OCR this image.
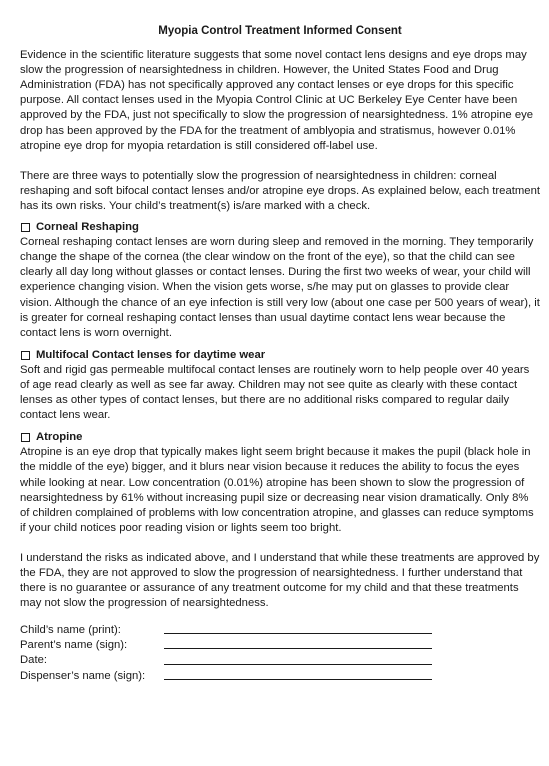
Myopia Control Treatment Informed Consent

Evidence in the scientific literature suggests that some novel contact lens designs and eye drops may slow the progression of nearsightedness in children. However, the United States Food and Drug Administration (FDA) has not specifically approved any contact lenses or eye drops for this specific purpose. All contact lenses used in the Myopia Control Clinic at UC Berkeley Eye Center have been approved by the FDA, just not specifically to slow the progression of nearsightedness. 1% atropine eye drop has been approved by the FDA for the treatment of amblyopia and stratismus, however 0.01% atropine eye drop for myopia retardation is still considered off-label use.

There are three ways to potentially slow the progression of nearsightedness in children: corneal reshaping and soft bifocal contact lenses and/or atropine eye drops. As explained below, each treatment has its own risks. Your child’s treatment(s) is/are marked with a check.

Corneal Reshaping

Corneal reshaping contact lenses are worn during sleep and removed in the morning. They temporarily change the shape of the cornea (the clear window on the front of the eye), so that the child can see clearly all day long without glasses or contact lenses. During the first two weeks of wear, your child will experience changing vision. When the vision gets worse, s/he may put on glasses to provide clear vision. Although the chance of an eye infection is still very low (about one case per 500 years of wear), it is greater for corneal reshaping contact lenses than usual daytime contact lens wear because the contact lens is worn overnight.

Multifocal Contact lenses for daytime wear

Soft and rigid gas permeable multifocal contact lenses are routinely worn to help people over 40 years of age read clearly as well as see far away. Children may not see quite as clearly with these contact lenses as other types of contact lenses, but there are no additional risks compared to regular daily contact lens wear.

Atropine

Atropine is an eye drop that typically makes light seem bright because it makes the pupil (black hole in the middle of the eye) bigger, and it blurs near vision because it reduces the ability to focus the eyes while looking at near. Low concentration (0.01%) atropine has been shown to slow the progression of nearsightedness by 61% without increasing pupil size or decreasing near vision dramatically. Only 8% of children complained of problems with low concentration atropine, and glasses can reduce symptoms if your child notices poor reading vision or lights seem too bright.

I understand the risks as indicated above, and I understand that while these treatments are approved by the FDA, they are not approved to slow the progression of nearsightedness. I further understand that there is no guarantee or assurance of any treatment outcome for my child and that these treatments may not slow the progression of nearsightedness.

Child’s name (print):
Parent’s name (sign):
Date:
Dispenser’s name (sign):
